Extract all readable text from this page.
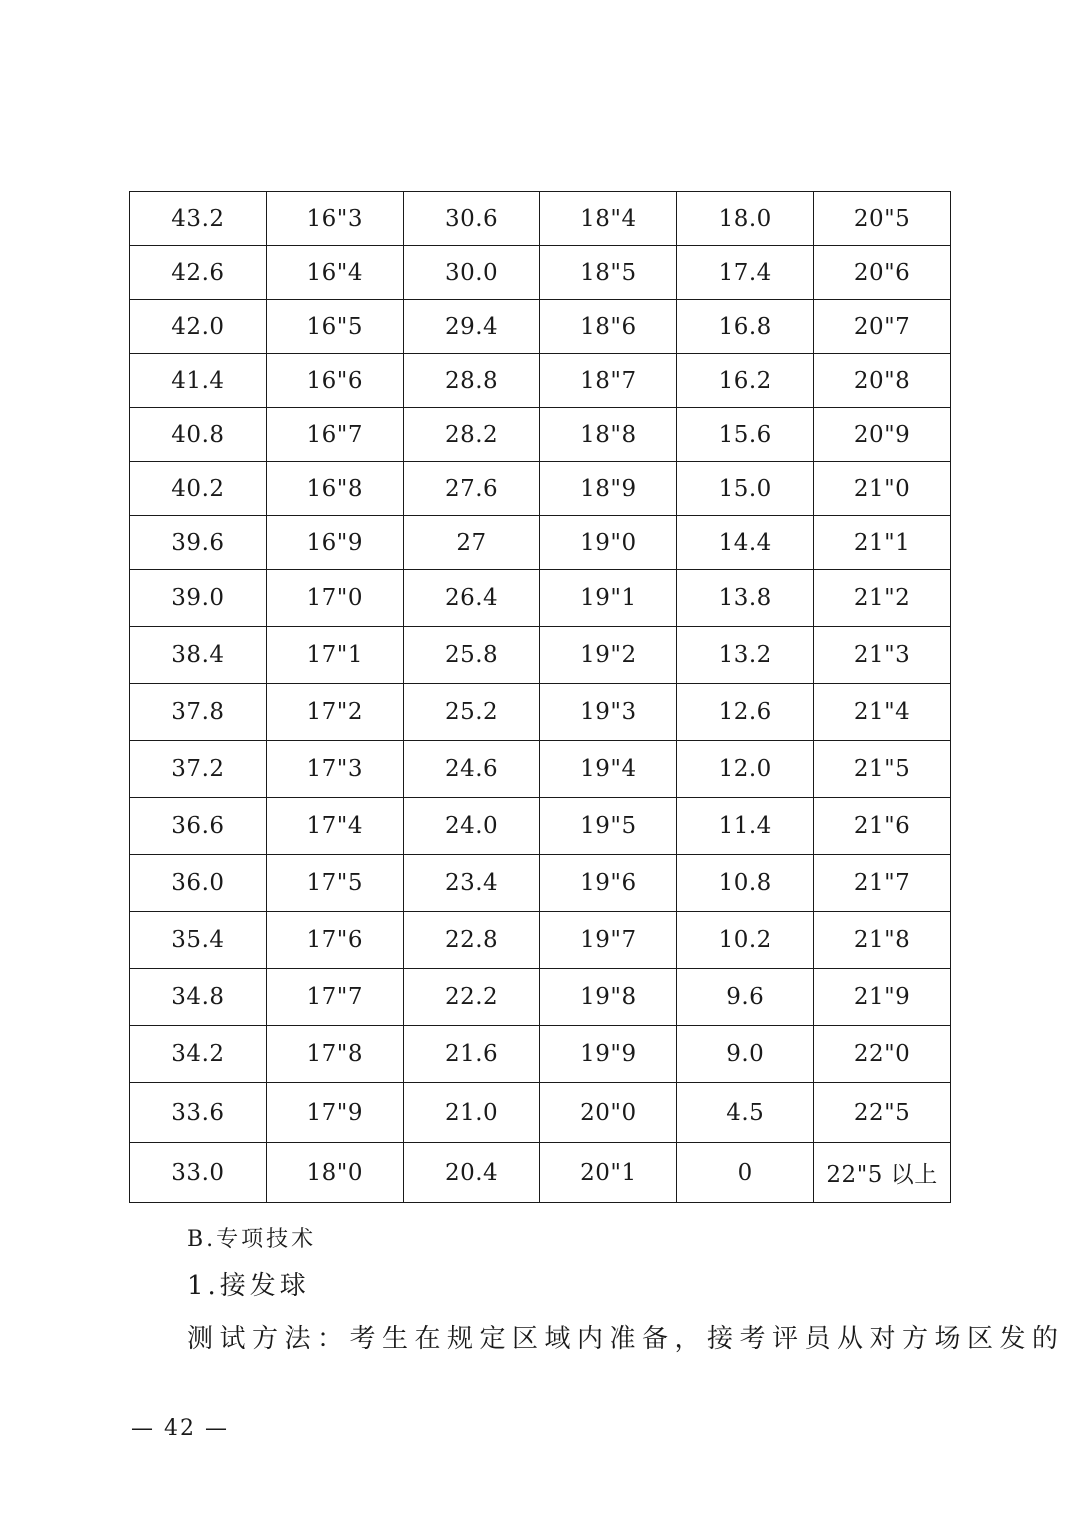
43.2	16"3	30.6	18"4	18.0	20"5
42.6	16"4	30.0	18"5	17.4	20"6
42.0	16"5	29.4	18"6	16.8	20"7
41.4	16"6	28.8	18"7	16.2	20"8
40.8	16"7	28.2	18"8	15.6	20"9
40.2	16"8	27.6	18"9	15.0	21"0
39.6	16"9	27	19"0	14.4	21"1
39.0	17"0	26.4	19"1	13.8	21"2
38.4	17"1	25.8	19"2	13.2	21"3
37.8	17"2	25.2	19"3	12.6	21"4
37.2	17"3	24.6	19"4	12.0	21"5
36.6	17"4	24.0	19"5	11.4	21"6
36.0	17"5	23.4	19"6	10.8	21"7
35.4	17"6	22.8	19"7	10.2	21"8
34.8	17"7	22.2	19"8	9.6	21"9
34.2	17"8	21.6	19"9	9.0	22"0
33.6	17"9	21.0	20"0	4.5	22"5
33.0	18"0	20.4	20"1	0	22"5 以上
B.专项技术
1.接发球
测试方法：考生在规定区域内准备，接考评员从对方场区发的
— 42 —
